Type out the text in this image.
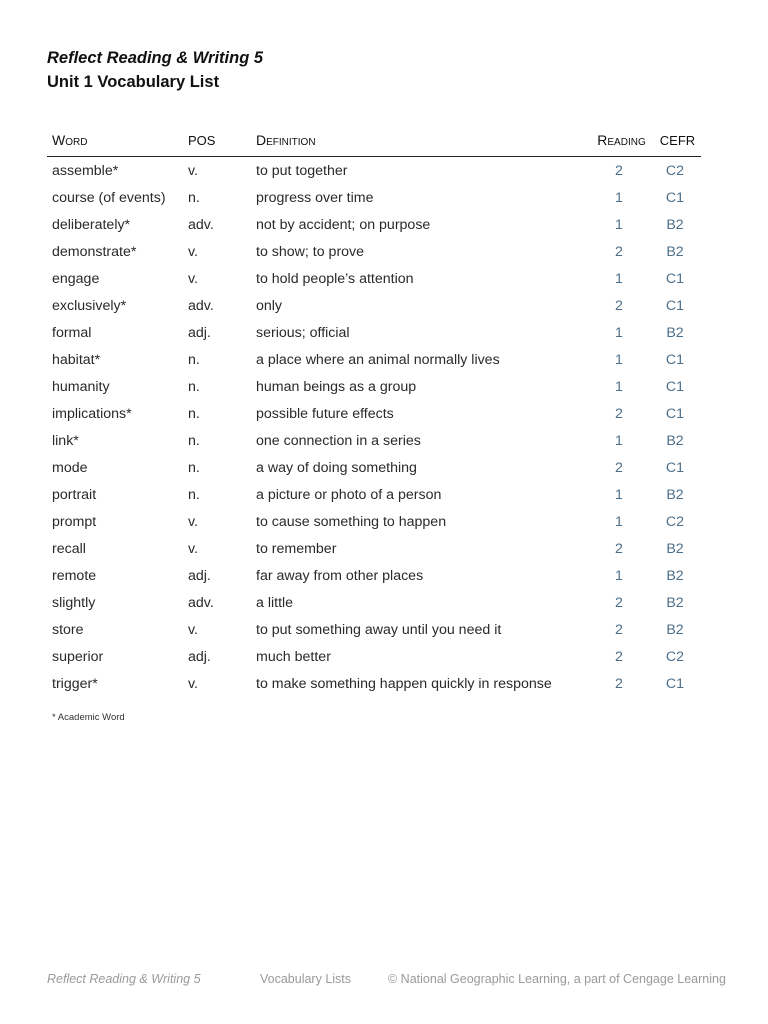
Reflect Reading & Writing 5
Unit 1 Vocabulary List
Word	POS	Definition	Reading	CEFR
assemble*	v.	to put together	2	C2
course (of events)	n.	progress over time	1	C1
deliberately*	adv.	not by accident; on purpose	1	B2
demonstrate*	v.	to show; to prove	2	B2
engage	v.	to hold people’s attention	1	C1
exclusively*	adv.	only	2	C1
formal	adj.	serious; official	1	B2
habitat*	n.	a place where an animal normally lives	1	C1
humanity	n.	human beings as a group	1	C1
implications*	n.	possible future effects	2	C1
link*	n.	one connection in a series	1	B2
mode	n.	a way of doing something	2	C1
portrait	n.	a picture or photo of a person	1	B2
prompt	v.	to cause something to happen	1	C2
recall	v.	to remember	2	B2
remote	adj.	far away from other places	1	B2
slightly	adv.	a little	2	B2
store	v.	to put something away until you need it	2	B2
superior	adj.	much better	2	C2
trigger*	v.	to make something happen quickly in response	2	C1
* Academic Word
Reflect Reading & Writing 5	Vocabulary Lists	© National Geographic Learning, a part of Cengage Learning
